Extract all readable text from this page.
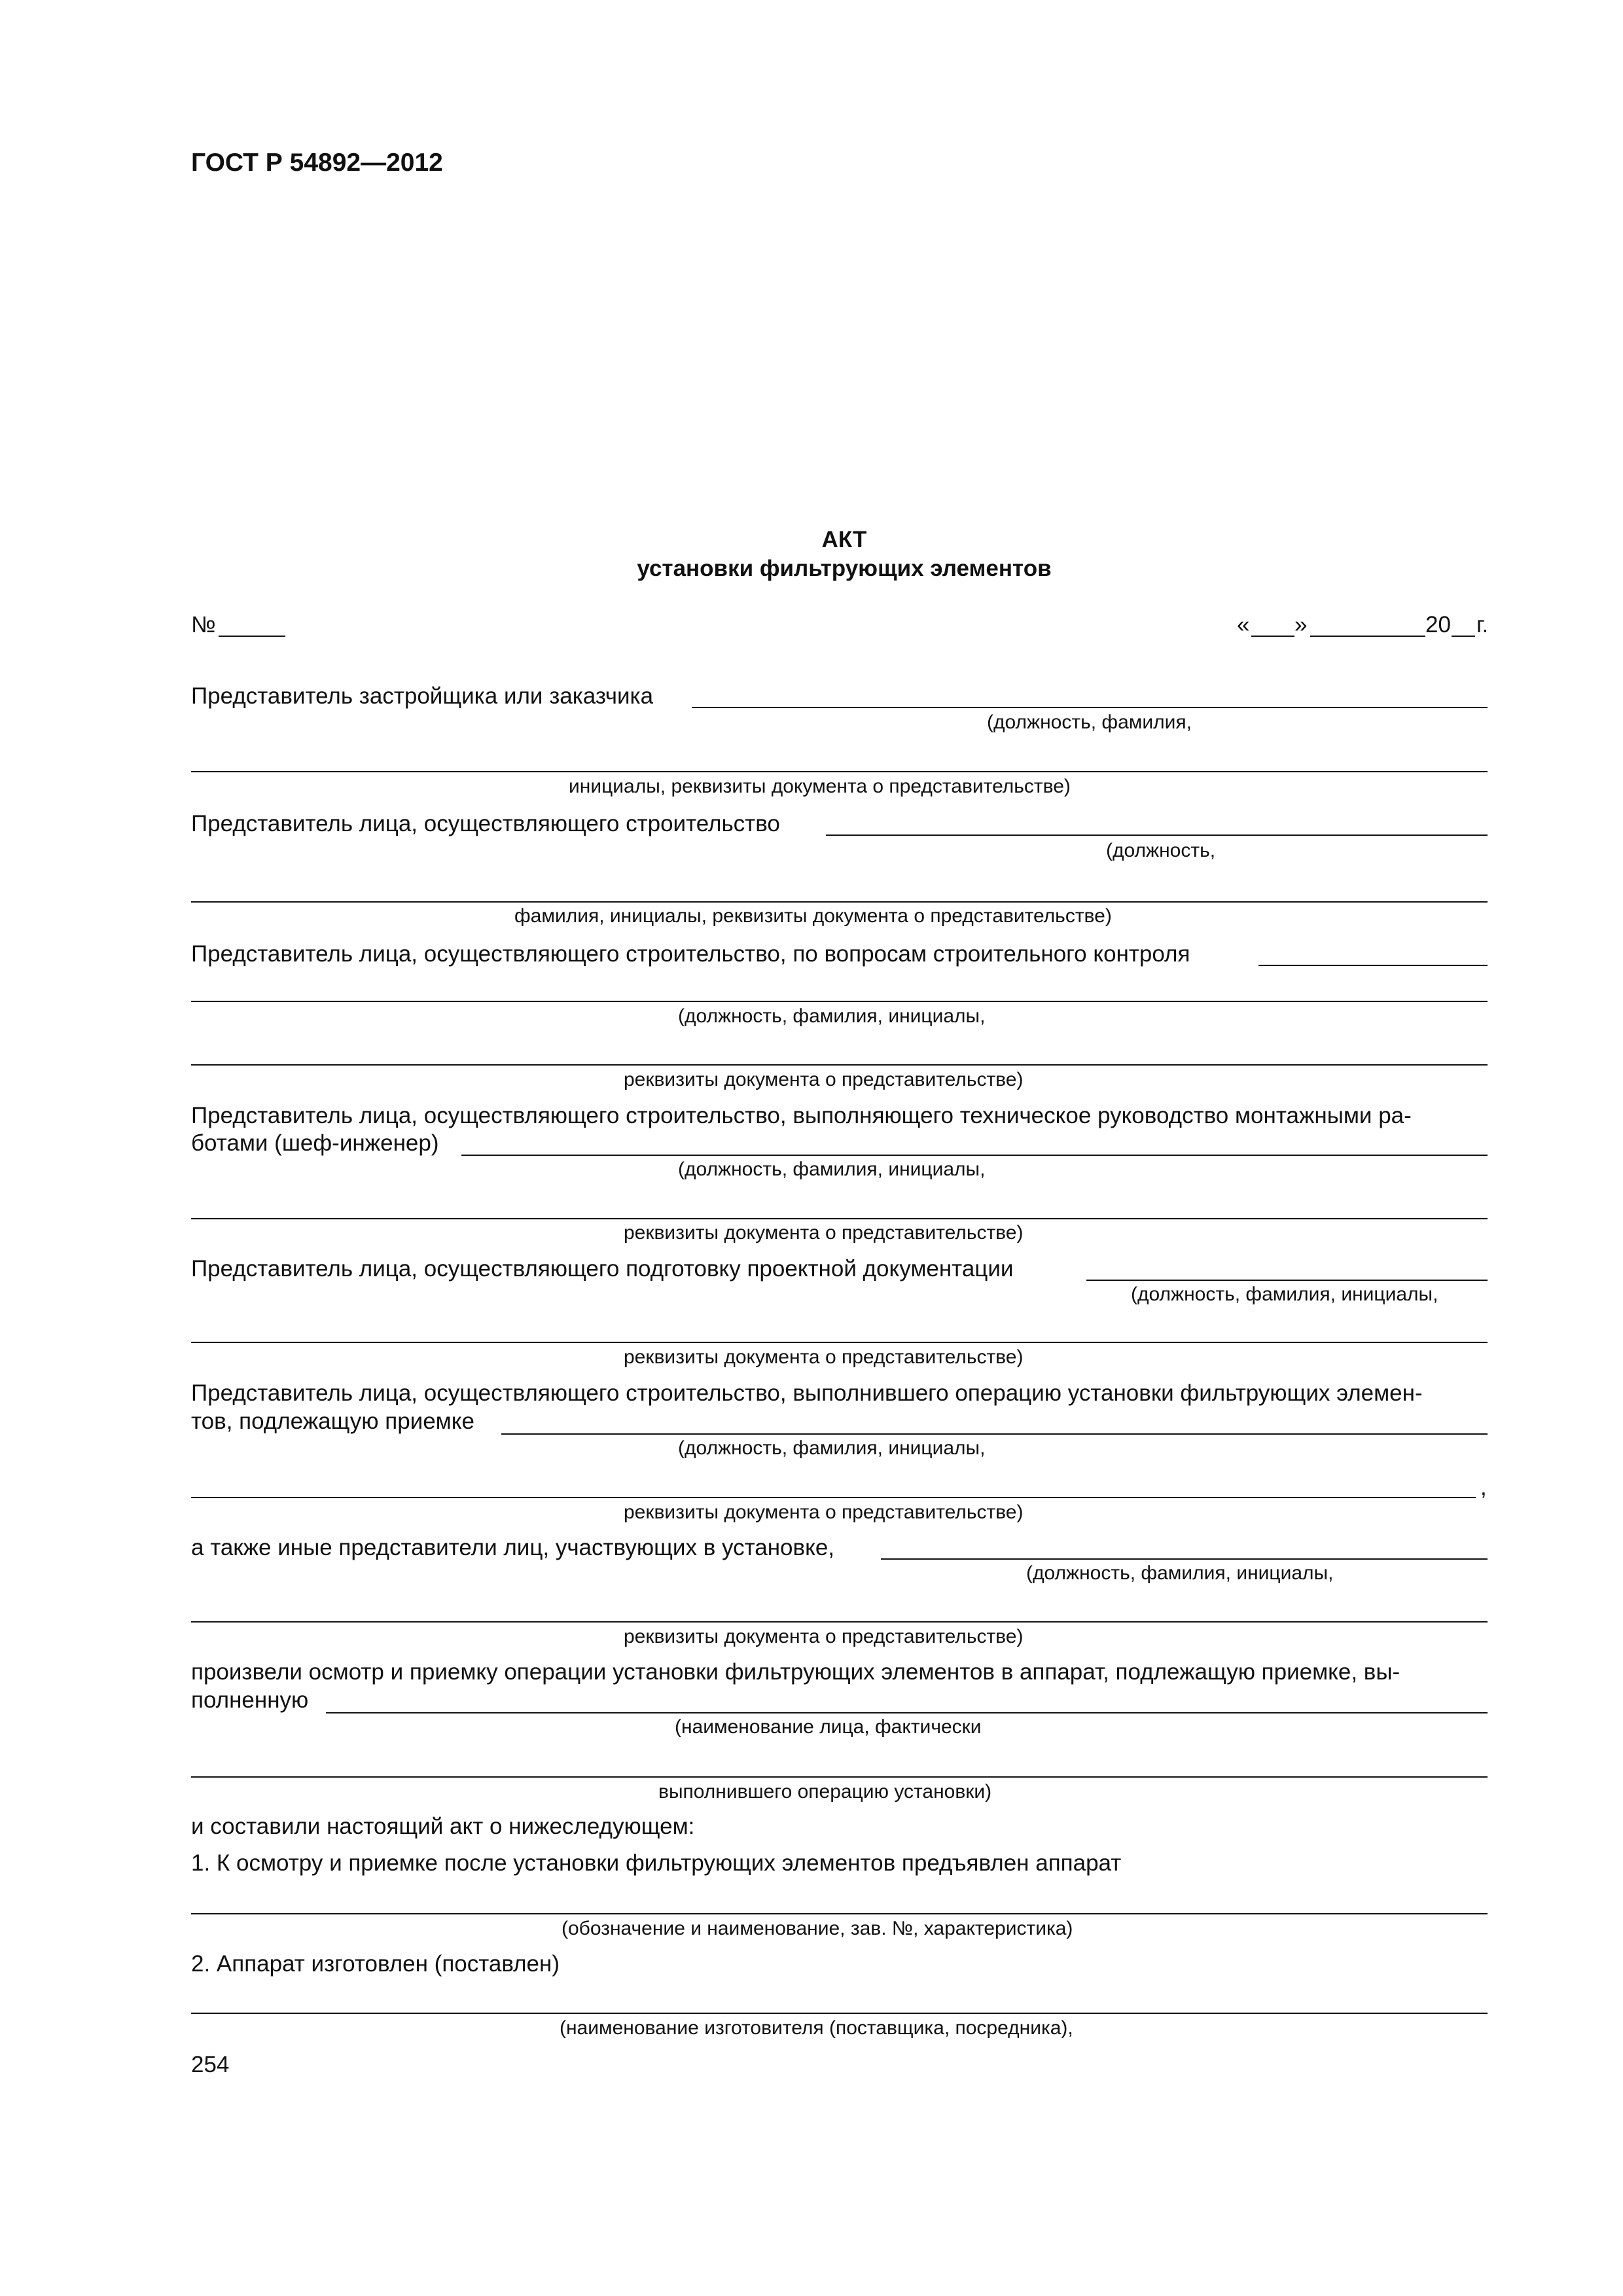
ГОСТ Р 54892—2012
АКТ
установки фильтрующих элементов
№	« »	20 г.
Представитель застройщика или заказчика
(должность, фамилия,
инициалы, реквизиты документа о представительстве)
Представитель лица, осуществляющего строительство
(должность,
фамилия, инициалы, реквизиты документа о представительстве)
Представитель лица, осуществляющего строительство, по вопросам строительного контроля
(должность, фамилия, инициалы,
реквизиты документа о представительстве)
Представитель лица, осуществляющего строительство, выполняющего техническое руководство монтажными ра-
ботами (шеф-инженер)
(должность, фамилия, инициалы,
реквизиты документа о представительстве)
Представитель лица, осуществляющего подготовку проектной документации
(должность, фамилия, инициалы,
реквизиты документа о представительстве)
Представитель лица, осуществляющего строительство, выполнившего операцию установки фильтрующих элемен-
тов, подлежащую приемке
(должность, фамилия, инициалы,
,
реквизиты документа о представительстве)
а также иные представители лиц, участвующих в установке,
(должность, фамилия, инициалы,
реквизиты документа о представительстве)
произвели осмотр и приемку операции установки фильтрующих элементов в аппарат, подлежащую приемке, вы-
полненную
(наименование лица, фактически
выполнившего операцию установки)
и составили настоящий акт о нижеследующем:
1. К осмотру и приемке после установки фильтрующих элементов предъявлен аппарат
(обозначение и наименование, зав. №, характеристика)
2. Аппарат изготовлен (поставлен)
(наименование изготовителя (поставщика, посредника),
254
